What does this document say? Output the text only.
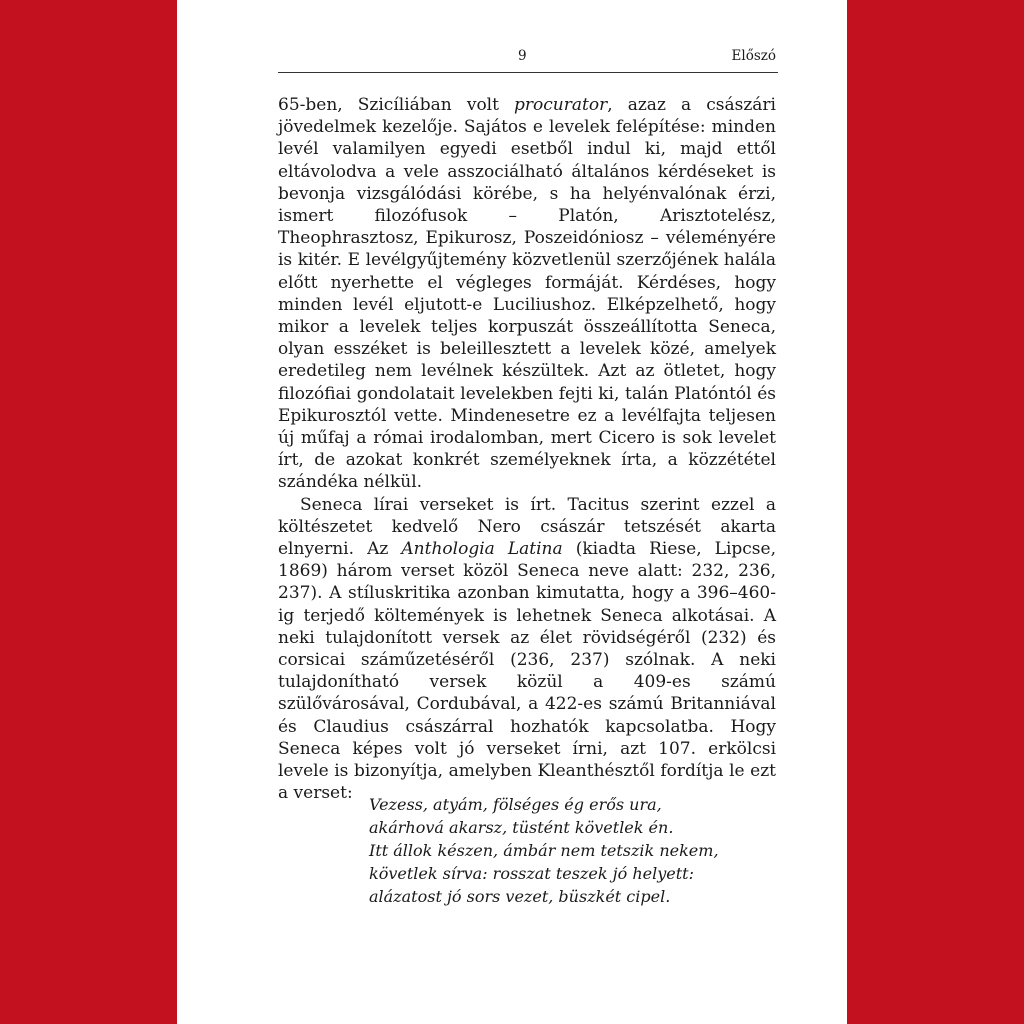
9	Előszó

65-ben, Szicíliában volt procurator, azaz a császári jövedelmek kezelője. Sajátos e levelek felépítése: minden levél valamilyen egyedi esetből indul ki, majd ettől eltávolodva a vele asszociálható általános kérdéseket is bevonja vizsgálódási körébe, s ha helyénvalónak érzi, ismert filozófusok – Platón, Arisztotelész, Theophrasztosz, Epikurosz, Poszeidóniosz – véleményére is kitér. E levélgyűjtemény közvetlenül szerzőjének halála előtt nyerhette el végleges formáját. Kérdéses, hogy minden levél eljutott-e Luciliushoz. Elképzelhető, hogy mikor a levelek teljes korpuszát összeállította Seneca, olyan esszéket is beleillesztett a levelek közé, amelyek eredetileg nem levélnek készültek. Azt az ötletet, hogy filozófiai gondolatait levelekben fejti ki, talán Platóntól és Epikurosztól vette. Mindenesetre ez a levélfajta teljesen új műfaj a római irodalomban, mert Cicero is sok levelet írt, de azokat konkrét személyeknek írta, a közzététel szándéka nélkül.

Seneca lírai verseket is írt. Tacitus szerint ezzel a költészetet kedvelő Nero császár tetszését akarta elnyerni. Az Anthologia Latina (kiadta Riese, Lipcse, 1869) három verset közöl Seneca neve alatt: 232, 236, 237). A stíluskritika azonban kimutatta, hogy a 396–460-ig terjedő költemények is lehetnek Seneca alkotásai. A neki tulajdonított versek az élet rövidségéről (232) és corsicai száműzetéséről (236, 237) szólnak. A neki tulajdonítható versek közül a 409-es számú szülővárosával, Cordubával, a 422-es számú Britanniával és Claudius császárral hozhatók kapcsolatba. Hogy Seneca képes volt jó verseket írni, azt 107. erkölcsi levele is bizonyítja, amelyben Kleanthésztől fordítja le ezt a verset:

Vezess, atyám, fölséges ég erős ura,
akárhová akarsz, tüstént követlek én.
Itt állok készen, ámbár nem tetszik nekem,
követlek sírva: rosszat teszek jó helyett:
alázatost jó sors vezet, büszkét cipel.
